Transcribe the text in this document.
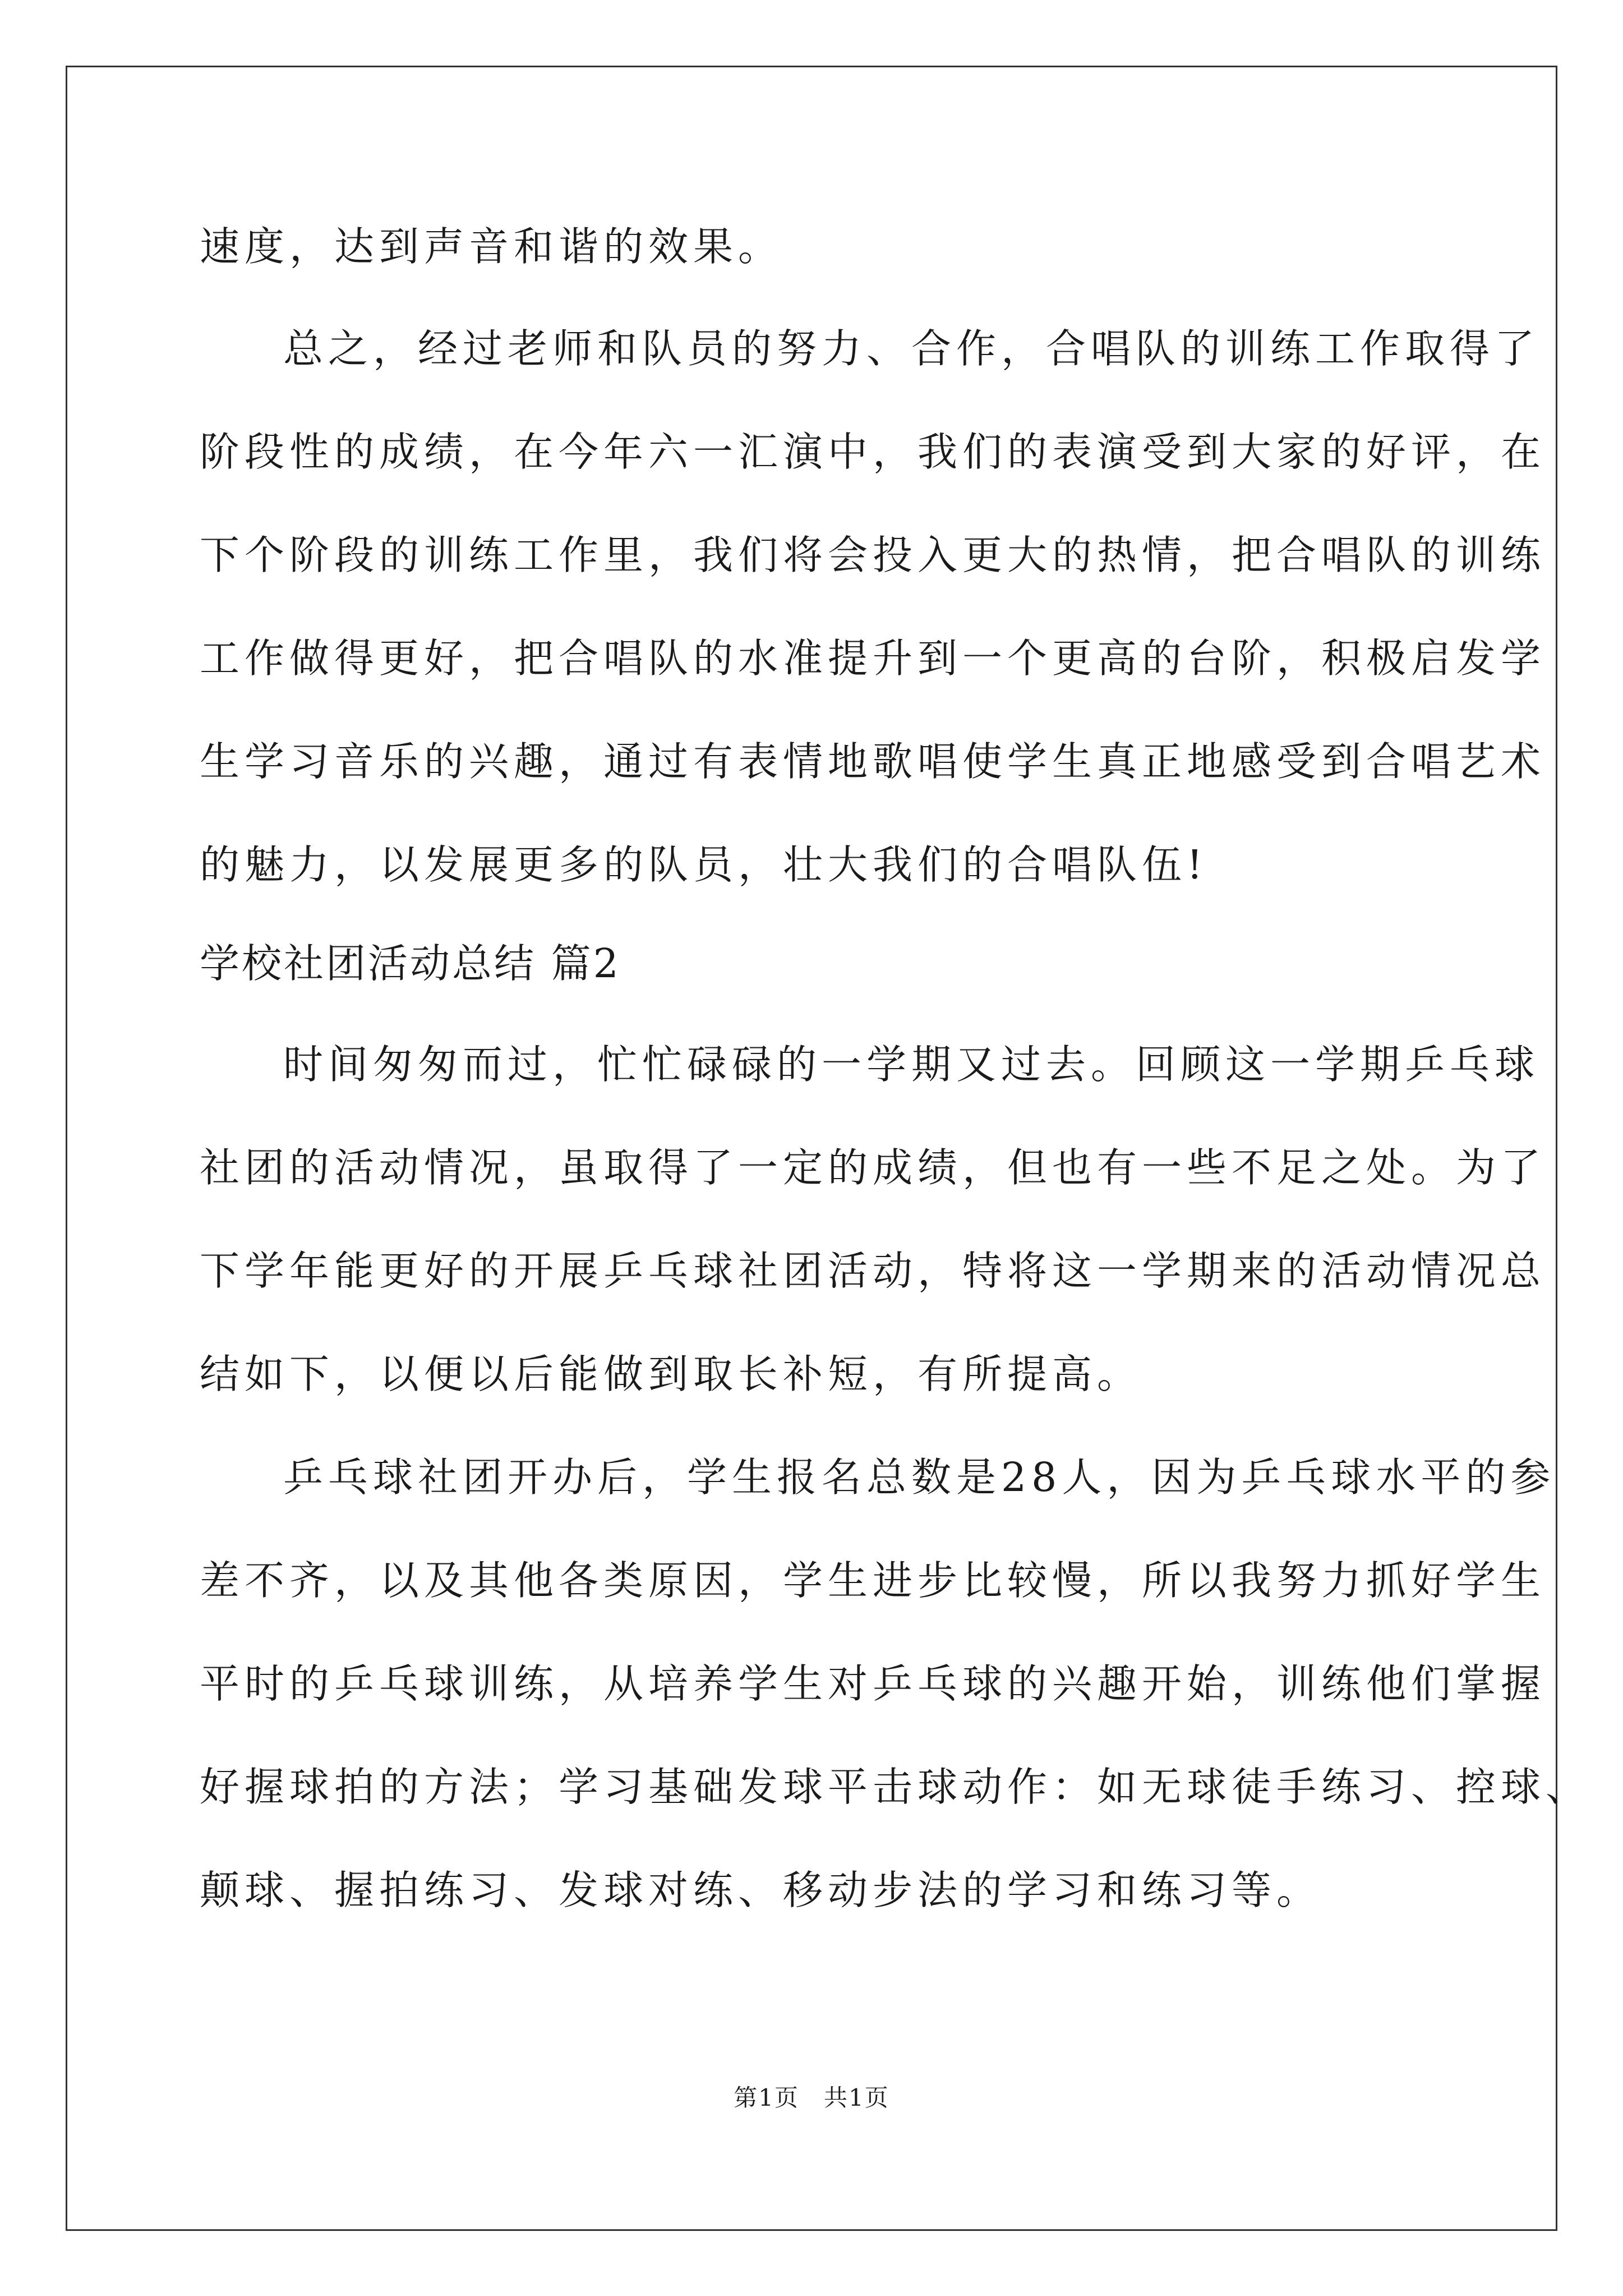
速度，达到声音和谐的效果。
总之，经过老师和队员的努力、合作，合唱队的训练工作取得了
阶段性的成绩，在今年六一汇演中，我们的表演受到大家的好评，在
下个阶段的训练工作里，我们将会投入更大的热情，把合唱队的训练
工作做得更好，把合唱队的水准提升到一个更高的台阶，积极启发学
生学习音乐的兴趣，通过有表情地歌唱使学生真正地感受到合唱艺术
的魅力，以发展更多的队员，壮大我们的合唱队伍!
学校社团活动总结 篇2
时间匆匆而过，忙忙碌碌的一学期又过去。回顾这一学期乒乓球
社团的活动情况，虽取得了一定的成绩，但也有一些不足之处。为了
下学年能更好的开展乒乓球社团活动，特将这一学期来的活动情况总
结如下，以便以后能做到取长补短，有所提高。
乒乓球社团开办后，学生报名总数是28人，因为乒乓球水平的参
差不齐，以及其他各类原因，学生进步比较慢，所以我努力抓好学生
平时的乒乓球训练，从培养学生对乒乓球的兴趣开始，训练他们掌握
好握球拍的方法；学习基础发球平击球动作：如无球徒手练习、控球、
颠球、握拍练习、发球对练、移动步法的学习和练习等。
第1页　共1页
